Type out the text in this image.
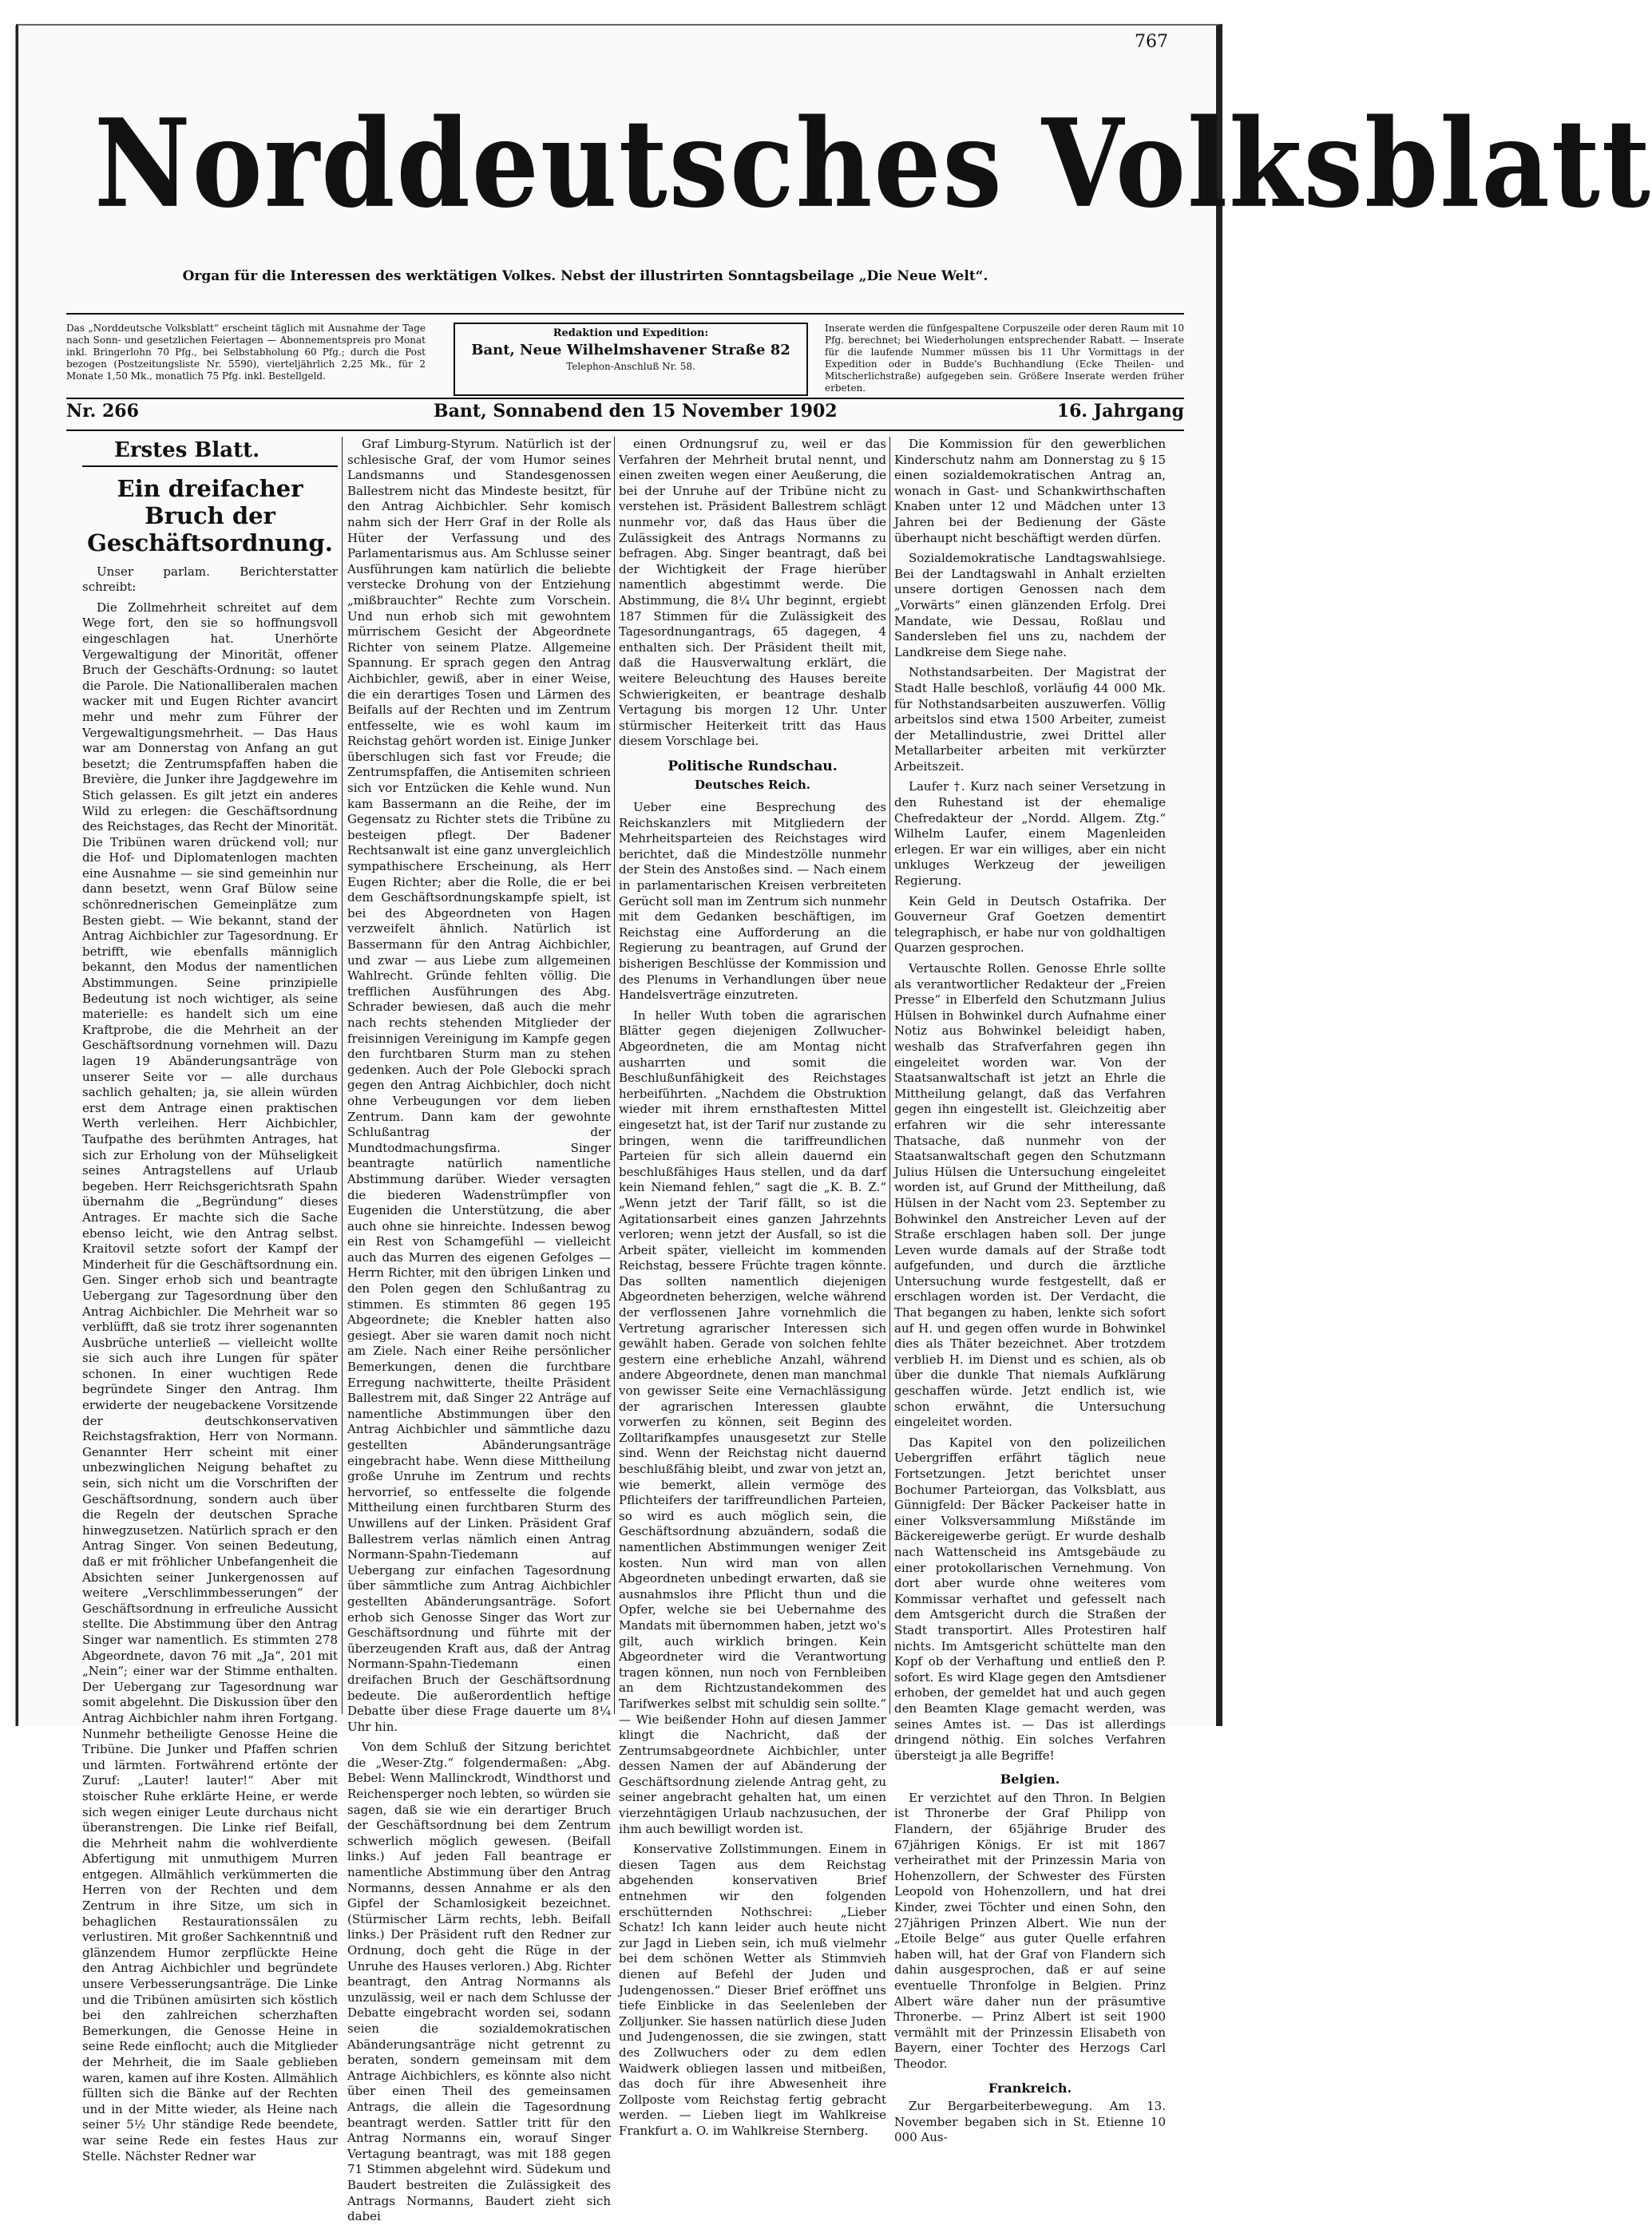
767
Norddeutsches Volksblatt
Organ für die Interessen des werktätigen Volkes. Nebst der illustrirten Sonntagsbeilage „Die Neue Welt“.
Das „Norddeutsche Volksblatt“ erscheint täglich mit Ausnahme der Tage nach Sonn- und gesetzlichen Feiertagen — Abonnementspreis pro Monat inkl. Bringerlohn 70 Pfg., bei Selbstabholung 60 Pfg.; durch die Post bezogen (Postzeitungsliste Nr. 5590), vierteljährlich 2,25 Mk., für 2 Monate 1,50 Mk., monatlich 75 Pfg. inkl. Bestellgeld.
Redaktion und Expedition:
Bant, Neue Wilhelmshavener Straße 82
Telephon-Anschluß Nr. 58.
Inserate werden die fünfgespaltene Corpuszeile oder deren Raum mit 10 Pfg. berechnet; bei Wiederholungen entsprechender Rabatt. — Inserate für die laufende Nummer müssen bis 11 Uhr Vormittags in der Expedition oder in Budde's Buchhandlung (Ecke Theilen- und Mitscherlichstraße) aufgegeben sein. Größere Inserate werden früher erbeten.
Nr. 266	Bant, Sonnabend den 15 November 1902	16. Jahrgang
Erstes Blatt.
Ein dreifacher Bruch der Geschäftsordnung.

Unser parlam. Berichterstatter schreibt:

Die Zollmehrheit schreitet auf dem Wege fort, den sie so hoffnungsvoll eingeschlagen hat. Unerhörte Vergewaltigung der Minorität, offener Bruch der Geschäfts-Ordnung: so lautet die Parole. Die Nationalliberalen machen wacker mit und Eugen Richter avancirt mehr und mehr zum Führer der Vergewaltigungsmehrheit. — Das Haus war am Donnerstag von Anfang an gut besetzt; die Zentrumspfaffen haben die Brevière, die Junker ihre Jagdgewehre im Stich gelassen. Es gilt jetzt ein anderes Wild zu erlegen: die Geschäftsordnung des Reichstages, das Recht der Minorität. Die Tribünen waren drückend voll; nur die Hof- und Diplomatenlogen machten eine Ausnahme — sie sind gemeinhin nur dann besetzt, wenn Graf Bülow seine schönrednerischen Gemeinplätze zum Besten giebt. — Wie bekannt, stand der Antrag Aichbichler zur Tagesordnung. Er betrifft, wie ebenfalls männiglich bekannt, den Modus der namentlichen Abstimmungen. Seine prinzipielle Bedeutung ist noch wichtiger, als seine materielle: es handelt sich um eine Kraftprobe, die die Mehrheit an der Geschäftsordnung vornehmen will. Dazu lagen 19 Abänderungsanträge von unserer Seite vor — alle durchaus sachlich gehalten; ja, sie allein würden erst dem Antrage einen praktischen Werth verleihen. Herr Aichbichler, Taufpathe des berühmten Antrages, hat sich zur Erholung von der Mühseligkeit seines Antragstellens auf Urlaub begeben. Herr Reichsgerichtsrath Spahn übernahm die „Begründung“ dieses Antrages. Er machte sich die Sache ebenso leicht, wie den Antrag selbst. Kraitovil setzte sofort der Kampf der Minderheit für die Geschäftsordnung ein. Gen. Singer erhob sich und beantragte Uebergang zur Tagesordnung über den Antrag Aichbichler. Die Mehrheit war so verblüfft, daß sie trotz ihrer sogenannten Ausbrüche unterließ — vielleicht wollte sie sich auch ihre Lungen für später schonen. In einer wuchtigen Rede begründete Singer den Antrag. Ihm erwiderte der neugebackene Vorsitzende der deutschkonservativen Reichstagsfraktion, Herr von Normann. Genannter Herr scheint mit einer unbezwinglichen Neigung behaftet zu sein, sich nicht um die Vorschriften der Geschäftsordnung, sondern auch über die Regeln der deutschen Sprache hinwegzusetzen. Natürlich sprach er den Antrag Singer. Von seinen Bedeutung, daß er mit fröhlicher Unbefangenheit die Absichten seiner Junkergenossen auf weitere „Verschlimmbesserungen“ der Geschäftsordnung in erfreuliche Aussicht stellte. Die Abstimmung über den Antrag Singer war namentlich. Es stimmten 278 Abgeordnete, davon 76 mit „Ja“, 201 mit „Nein“; einer war der Stimme enthalten. Der Uebergang zur Tagesordnung war somit abgelehnt. Die Diskussion über den Antrag Aichbichler nahm ihren Fortgang. Nunmehr betheiligte Genosse Heine die Tribüne. Die Junker und Pfaffen schrien und lärmten. Fortwährend ertönte der Zuruf: „Lauter! lauter!“ Aber mit stoischer Ruhe erklärte Heine, er werde sich wegen einiger Leute durchaus nicht überanstrengen. Die Linke rief Beifall, die Mehrheit nahm die wohlverdiente Abfertigung mit unmuthigem Murren entgegen. Allmählich verkümmerten die Herren von der Rechten und dem Zentrum in ihre Sitze, um sich in behaglichen Restaurationssälen zu verlustiren. Mit großer Sachkenntniß und glänzendem Humor zerpflückte Heine den Antrag Aichbichler und begründete unsere Verbesserungsanträge. Die Linke und die Tribünen amüsirten sich köstlich bei den zahlreichen scherzhaften Bemerkungen, die Genosse Heine in seine Rede einflocht; auch die Mitglieder der Mehrheit, die im Saale geblieben waren, kamen auf ihre Kosten. Allmählich füllten sich die Bänke auf der Rechten und in der Mitte wieder, als Heine nach seiner 5½ Uhr ständige Rede beendete, war seine Rede ein festes Haus zur Stelle. Nächster Redner war

Graf Limburg-Styrum. Natürlich ist der schlesische Graf, der vom Humor seines Landsmanns und Standesgenossen Ballestrem nicht das Mindeste besitzt, für den Antrag Aichbichler. Sehr komisch nahm sich der Herr Graf in der Rolle als Hüter der Verfassung und des Parlamentarismus aus. Am Schlusse seiner Ausführungen kam natürlich die beliebte verstecke Drohung von der Entziehung „mißbrauchter“ Rechte zum Vorschein. Und nun erhob sich mit gewohntem mürrischem Gesicht der Abgeordnete Richter von seinem Platze. Allgemeine Spannung. Er sprach gegen den Antrag Aichbichler, gewiß, aber in einer Weise, die ein derartiges Tosen und Lärmen des Beifalls auf der Rechten und im Zentrum entfesselte, wie es wohl kaum im Reichstag gehört worden ist. Einige Junker überschlugen sich fast vor Freude; die Zentrumspfaffen, die Antisemiten schrieen sich vor Entzücken die Kehle wund. Nun kam Bassermann an die Reihe, der im Gegensatz zu Richter stets die Tribüne zu besteigen pflegt. Der Badener Rechtsanwalt ist eine ganz unvergleichlich sympathischere Erscheinung, als Herr Eugen Richter; aber die Rolle, die er bei dem Geschäftsordnungskampfe spielt, ist bei des Abgeordneten von Hagen verzweifelt ähnlich. Natürlich ist Bassermann für den Antrag Aichbichler, und zwar — aus Liebe zum allgemeinen Wahlrecht. Gründe fehlten völlig. Die trefflichen Ausführungen des Abg. Schrader bewiesen, daß auch die mehr nach rechts stehenden Mitglieder der freisinnigen Vereinigung im Kampfe gegen den furchtbaren Sturm man zu stehen gedenken. Auch der Pole Glebocki sprach gegen den Antrag Aichbichler, doch nicht ohne Verbeugungen vor dem lieben Zentrum. Dann kam der gewohnte Schlußantrag der Mundtodmachungsfirma. Singer beantragte natürlich namentliche Abstimmung darüber. Wieder versagten die biederen Wadenstrümpfler von Eugeniden die Unterstützung, die aber auch ohne sie hinreichte. Indessen bewog ein Rest von Schamgefühl — vielleicht auch das Murren des eigenen Gefolges — Herrn Richter, mit den übrigen Linken und den Polen gegen den Schlußantrag zu stimmen. Es stimmten 86 gegen 195 Abgeordnete; die Knebler hatten also gesiegt. Aber sie waren damit noch nicht am Ziele. Nach einer Reihe persönlicher Bemerkungen, denen die furchtbare Erregung nachwitterte, theilte Präsident Ballestrem mit, daß Singer 22 Anträge auf namentliche Abstimmungen über den Antrag Aichbichler und sämmtliche dazu gestellten Abänderungsanträge eingebracht habe. Wenn diese Mittheilung große Unruhe im Zentrum und rechts hervorrief, so entfesselte die folgende Mittheilung einen furchtbaren Sturm des Unwillens auf der Linken. Präsident Graf Ballestrem verlas nämlich einen Antrag Normann-Spahn-Tiedemann auf Uebergang zur einfachen Tagesordnung über sämmtliche zum Antrag Aichbichler gestellten Abänderungsanträge. Sofort erhob sich Genosse Singer das Wort zur Geschäftsordnung und führte mit der überzeugenden Kraft aus, daß der Antrag Normann-Spahn-Tiedemann einen dreifachen Bruch der Geschäftsordnung bedeute. Die außerordentlich heftige Debatte über diese Frage dauerte um 8¼ Uhr hin.

Von dem Schluß der Sitzung berichtet die „Weser-Ztg.“ folgendermaßen: „Abg. Bebel: Wenn Mallinckrodt, Windthorst und Reichensperger noch lebten, so würden sie sagen, daß sie wie ein derartiger Bruch der Geschäftsordnung bei dem Zentrum schwerlich möglich gewesen. (Beifall links.) Auf jeden Fall beantrage er namentliche Abstimmung über den Antrag Normanns, dessen Annahme er als den Gipfel der Schamlosigkeit bezeichnet. (Stürmischer Lärm rechts, lebh. Beifall links.) Der Präsident ruft den Redner zur Ordnung, doch geht die Rüge in der Unruhe des Hauses verloren.) Abg. Richter beantragt, den Antrag Normanns als unzulässig, weil er nach dem Schlusse der Debatte eingebracht worden sei, sodann seien die sozialdemokratischen Abänderungsanträge nicht getrennt zu beraten, sondern gemeinsam mit dem Antrage Aichbichlers, es könnte also nicht über einen Theil des gemeinsamen Antrags, die allein die Tagesordnung beantragt werden. Sattler tritt für den Antrag Normanns ein, worauf Singer Vertagung beantragt, was mit 188 gegen 71 Stimmen abgelehnt wird. Südekum und Baudert bestreiten die Zulässigkeit des Antrags Normanns, Baudert zieht sich dabei

einen Ordnungsruf zu, weil er das Verfahren der Mehrheit brutal nennt, und einen zweiten wegen einer Aeußerung, die bei der Unruhe auf der Tribüne nicht zu verstehen ist. Präsident Ballestrem schlägt nunmehr vor, daß das Haus über die Zulässigkeit des Antrags Normanns zu befragen. Abg. Singer beantragt, daß bei der Wichtigkeit der Frage hierüber namentlich abgestimmt werde. Die Abstimmung, die 8¼ Uhr beginnt, ergiebt 187 Stimmen für die Zulässigkeit des Tagesordnungantrags, 65 dagegen, 4 enthalten sich. Der Präsident theilt mit, daß die Hausverwaltung erklärt, die weitere Beleuchtung des Hauses bereite Schwierigkeiten, er beantrage deshalb Vertagung bis morgen 12 Uhr. Unter stürmischer Heiterkeit tritt das Haus diesem Vorschlage bei.

Politische Rundschau.
Deutsches Reich.

Ueber eine Besprechung des Reichskanzlers mit Mitgliedern der Mehrheitsparteien des Reichstages wird berichtet, daß die Mindestzölle nunmehr der Stein des Anstoßes sind. — Nach einem in parlamentarischen Kreisen verbreiteten Gerücht soll man im Zentrum sich nunmehr mit dem Gedanken beschäftigen, im Reichstag eine Aufforderung an die Regierung zu beantragen, auf Grund der bisherigen Beschlüsse der Kommission und des Plenums in Verhandlungen über neue Handelsverträge einzutreten.

In heller Wuth toben die agrarischen Blätter gegen diejenigen Zollwucher-Abgeordneten, die am Montag nicht ausharrten und somit die Beschlußunfähigkeit des Reichstages herbeiführten. „Nachdem die Obstruktion wieder mit ihrem ernsthaftesten Mittel eingesetzt hat, ist der Tarif nur zustande zu bringen, wenn die tariffreundlichen Parteien für sich allein dauernd ein beschlußfähiges Haus stellen, und da darf kein Niemand fehlen,“ sagt die „K. B. Z.“ „Wenn jetzt der Tarif fällt, so ist die Agitationsarbeit eines ganzen Jahrzehnts verloren; wenn jetzt der Ausfall, so ist die Arbeit später, vielleicht im kommenden Reichstag, bessere Früchte tragen könnte. Das sollten namentlich diejenigen Abgeordneten beherzigen, welche während der verflossenen Jahre vornehmlich die Vertretung agrarischer Interessen sich gewählt haben. Gerade von solchen fehlte gestern eine erhebliche Anzahl, während andere Abgeordnete, denen man manchmal von gewisser Seite eine Vernachlässigung der agrarischen Interessen glaubte vorwerfen zu können, seit Beginn des Zolltarifkampfes unausgesetzt zur Stelle sind. Wenn der Reichstag nicht dauernd beschlußfähig bleibt, und zwar von jetzt an, wie bemerkt, allein vermöge des Pflichteifers der tariffreundlichen Parteien, so wird es auch möglich sein, die Geschäftsordnung abzuändern, sodaß die namentlichen Abstimmungen weniger Zeit kosten. Nun wird man von allen Abgeordneten unbedingt erwarten, daß sie ausnahmslos ihre Pflicht thun und die Opfer, welche sie bei Uebernahme des Mandats mit übernommen haben, jetzt wo's gilt, auch wirklich bringen. Kein Abgeordneter wird die Verantwortung tragen können, nun noch von Fernbleiben an dem Richtzustandekommen des Tarifwerkes selbst mit schuldig sein sollte.“ — Wie beißender Hohn auf diesen Jammer klingt die Nachricht, daß der Zentrumsabgeordnete Aichbichler, unter dessen Namen der auf Abänderung der Geschäftsordnung zielende Antrag geht, zu seiner angebracht gehalten hat, um einen vierzehntägigen Urlaub nachzusuchen, der ihm auch bewilligt worden ist.

Konservative Zollstimmungen. Einem in diesen Tagen aus dem Reichstag abgehenden konservativen Brief entnehmen wir den folgenden erschütternden Nothschrei: „Lieber Schatz! Ich kann leider auch heute nicht zur Jagd in Lieben sein, ich muß vielmehr bei dem schönen Wetter als Stimmvieh dienen auf Befehl der Juden und Judengenossen.“ Dieser Brief eröffnet uns tiefe Einblicke in das Seelenleben der Zolljunker. Sie hassen natürlich diese Juden und Judengenossen, die sie zwingen, statt des Zollwuchers oder zu dem edlen Waidwerk obliegen lassen und mitbeißen, das doch für ihre Abwesenheit ihre Zollposte vom Reichstag fertig gebracht werden. — Lieben liegt im Wahlkreise Frankfurt a. O. im Wahlkreise Sternberg.

Die Kommission für den gewerblichen Kinderschutz nahm am Donnerstag zu § 15 einen sozialdemokratischen Antrag an, wonach in Gast- und Schankwirthschaften Knaben unter 12 und Mädchen unter 13 Jahren bei der Bedienung der Gäste überhaupt nicht beschäftigt werden dürfen.

Sozialdemokratische Landtagswahlsiege. Bei der Landtagswahl in Anhalt erzielten unsere dortigen Genossen nach dem „Vorwärts“ einen glänzenden Erfolg. Drei Mandate, wie Dessau, Roßlau und Sandersleben fiel uns zu, nachdem der Landkreise dem Siege nahe.

Nothstandsarbeiten. Der Magistrat der Stadt Halle beschloß, vorläufig 44 000 Mk. für Nothstandsarbeiten auszuwerfen. Völlig arbeitslos sind etwa 1500 Arbeiter, zumeist der Metallindustrie, zwei Drittel aller Metallarbeiter arbeiten mit verkürzter Arbeitszeit.

Laufer †. Kurz nach seiner Versetzung in den Ruhestand ist der ehemalige Chefredakteur der „Nordd. Allgem. Ztg.“ Wilhelm Laufer, einem Magenleiden erlegen. Er war ein williges, aber ein nicht unkluges Werkzeug der jeweiligen Regierung.

Kein Geld in Deutsch Ostafrika. Der Gouverneur Graf Goetzen dementirt telegraphisch, er habe nur von goldhaltigen Quarzen gesprochen.

Vertauschte Rollen. Genosse Ehrle sollte als verantwortlicher Redakteur der „Freien Presse“ in Elberfeld den Schutzmann Julius Hülsen in Bohwinkel durch Aufnahme einer Notiz aus Bohwinkel beleidigt haben, weshalb das Strafverfahren gegen ihn eingeleitet worden war. Von der Staatsanwaltschaft ist jetzt an Ehrle die Mittheilung gelangt, daß das Verfahren gegen ihn eingestellt ist. Gleichzeitig aber erfahren wir die sehr interessante Thatsache, daß nunmehr von der Staatsanwaltschaft gegen den Schutzmann Julius Hülsen die Untersuchung eingeleitet worden ist, auf Grund der Mittheilung, daß Hülsen in der Nacht vom 23. September zu Bohwinkel den Anstreicher Leven auf der Straße erschlagen haben soll. Der junge Leven wurde damals auf der Straße todt aufgefunden, und durch die ärztliche Untersuchung wurde festgestellt, daß er erschlagen worden ist. Der Verdacht, die That begangen zu haben, lenkte sich sofort auf H. und gegen offen wurde in Bohwinkel dies als Thäter bezeichnet. Aber trotzdem verblieb H. im Dienst und es schien, als ob über die dunkle That niemals Aufklärung geschaffen würde. Jetzt endlich ist, wie schon erwähnt, die Untersuchung eingeleitet worden.

Das Kapitel von den polizeilichen Uebergriffen erfährt täglich neue Fortsetzungen. Jetzt berichtet unser Bochumer Parteiorgan, das Volksblatt, aus Günnigfeld: Der Bäcker Packeiser hatte in einer Volksversammlung Mißstände im Bäckereigewerbe gerügt. Er wurde deshalb nach Wattenscheid ins Amtsgebäude zu einer protokollarischen Vernehmung. Von dort aber wurde ohne weiteres vom Kommissar verhaftet und gefesselt nach dem Amtsgericht durch die Straßen der Stadt transportirt. Alles Protestiren half nichts. Im Amtsgericht schüttelte man den Kopf ob der Verhaftung und entließ den P. sofort. Es wird Klage gegen den Amtsdiener erhoben, der gemeldet hat und auch gegen den Beamten Klage gemacht werden, was seines Amtes ist. — Das ist allerdings dringend nöthig. Ein solches Verfahren übersteigt ja alle Begriffe!

Belgien.

Er verzichtet auf den Thron. In Belgien ist Thronerbe der Graf Philipp von Flandern, der 65jährige Bruder des 67jährigen Königs. Er ist mit 1867 verheirathet mit der Prinzessin Maria von Hohenzollern, der Schwester des Fürsten Leopold von Hohenzollern, und hat drei Kinder, zwei Töchter und einen Sohn, den 27jährigen Prinzen Albert. Wie nun der „Etoile Belge“ aus guter Quelle erfahren haben will, hat der Graf von Flandern sich dahin ausgesprochen, daß er auf seine eventuelle Thronfolge in Belgien. Prinz Albert wäre daher nun der präsumtive Thronerbe. — Prinz Albert ist seit 1900 vermählt mit der Prinzessin Elisabeth von Bayern, einer Tochter des Herzogs Carl Theodor.

Frankreich.

Zur Bergarbeiterbewegung. Am 13. November begaben sich in St. Etienne 10 000 Aus-
